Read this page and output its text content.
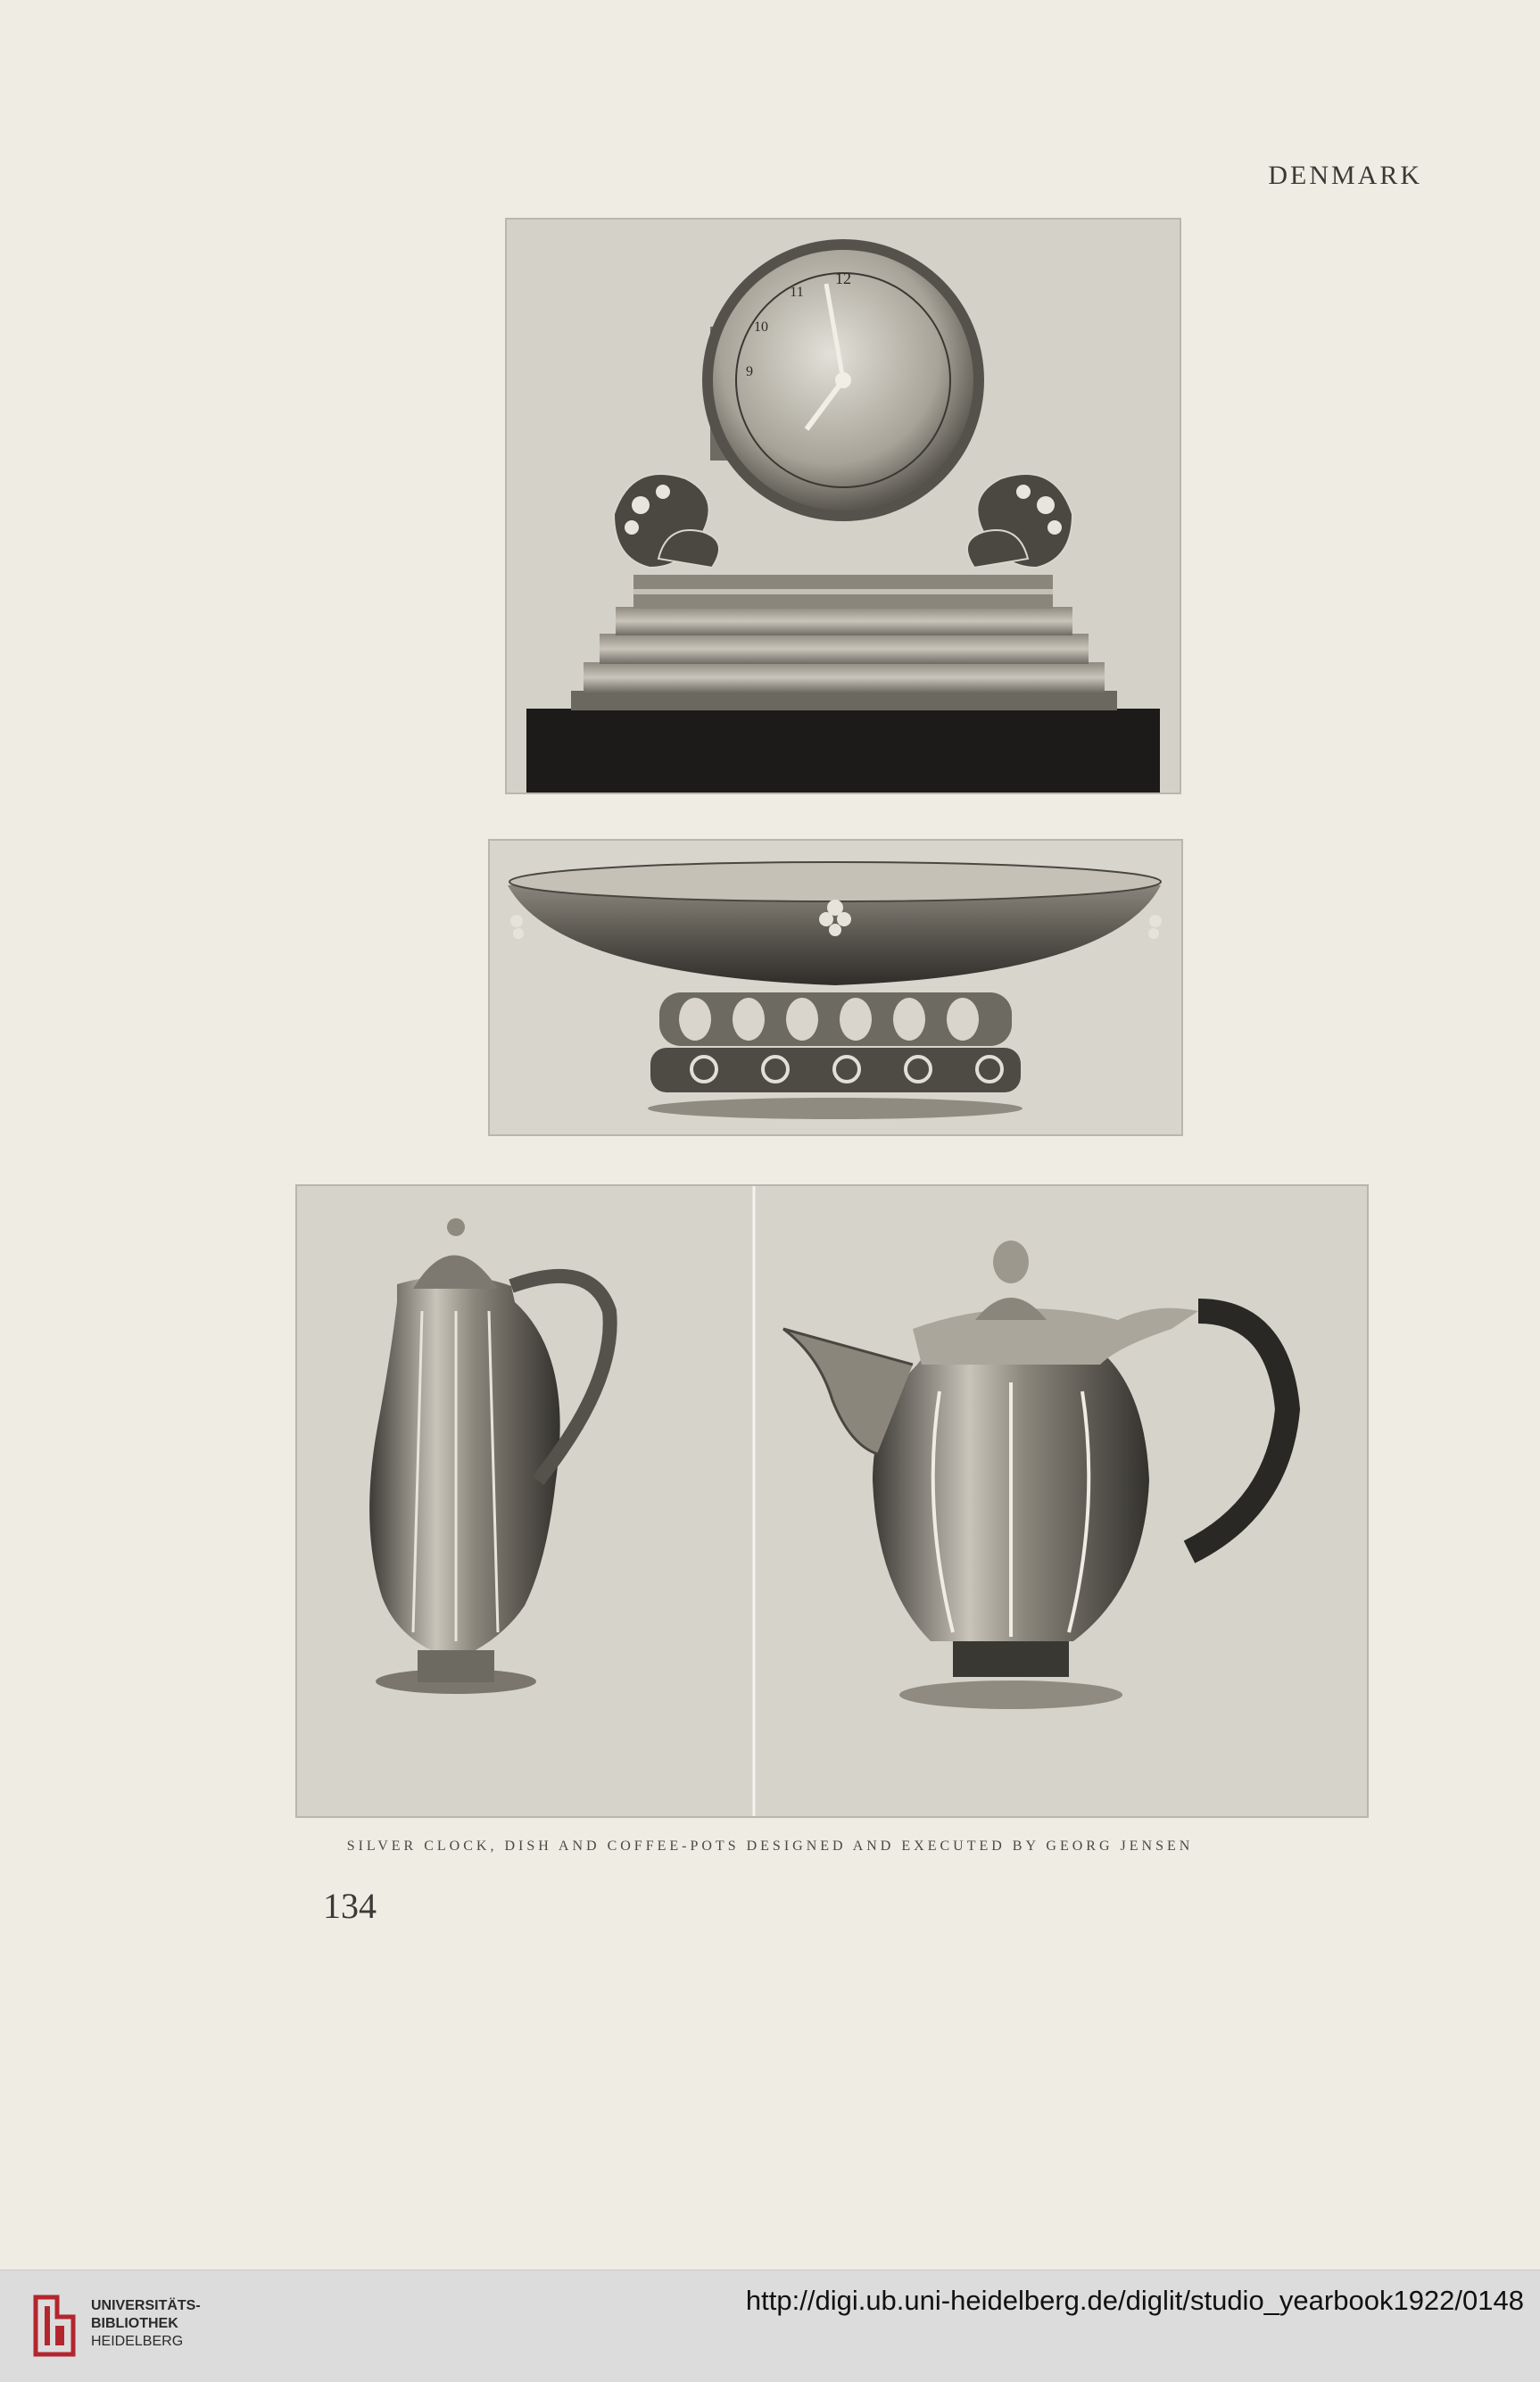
DENMARK
12
11
10
9
SILVER CLOCK, DISH AND COFFEE-POTS DESIGNED AND EXECUTED BY GEORG JENSEN
134
UNIVERSITÄTS-
BIBLIOTHEK
HEIDELBERG
http://digi.ub.uni-heidelberg.de/diglit/studio_yearbook1922/0148
